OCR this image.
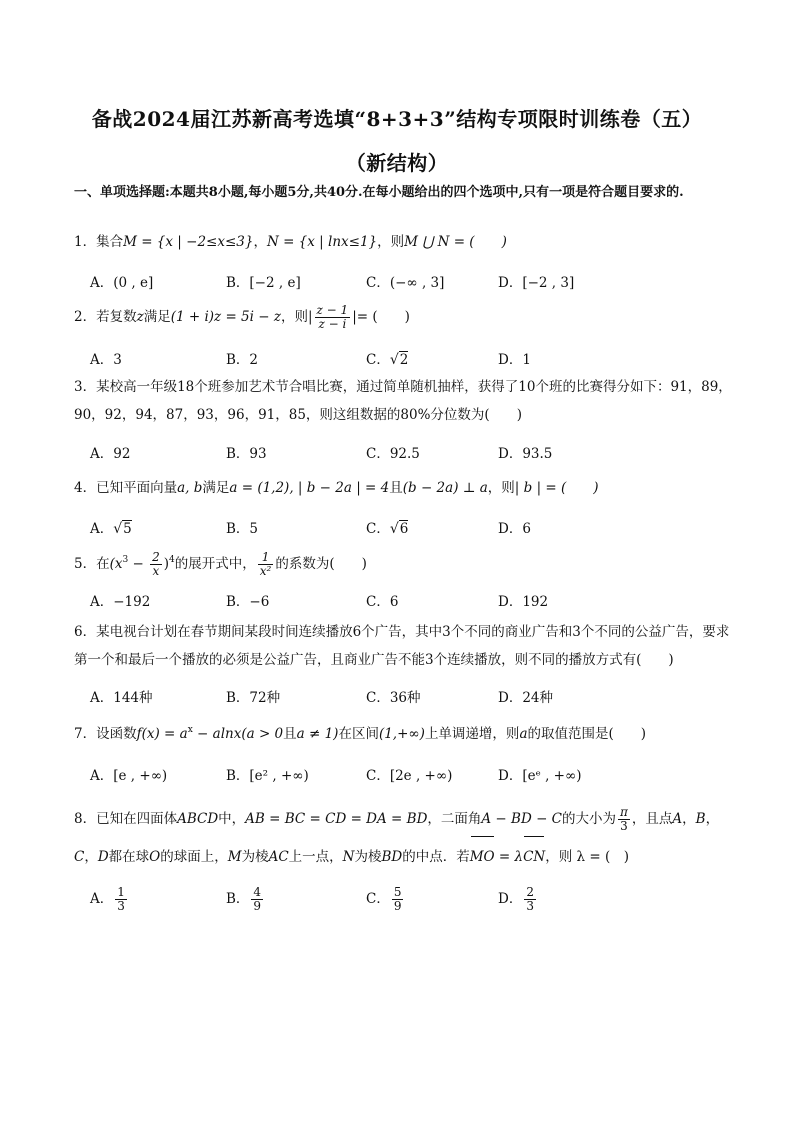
备战2024届江苏新高考选填“8+3+3”结构专项限时训练卷（五）
（新结构）
一、单项选择题:本题共8小题,每小题5分,共40分.在每小题给出的四个选项中,只有一项是符合题目要求的.
1．集合M = {x | −2≤x≤3}，N = {x | lnx≤1}，则M ⋃ N = (　　)
A．(0 , e]	B．[−2 , e]	C．(−∞ , 3]	D．[−2 , 3]
2．若复数z满足(1 + i)z = 5i − z，则| $\frac{z - 1}{z - i}$ |= (　　)
A．3	B．2	C．√2	D．1
3．某校高一年级18个班参加艺术节合唱比赛，通过简单随机抽样，获得了10个班的比赛得分如下：91，89，90，92，94，87，93，96，91，85，则这组数据的80%分位数为(　　)
A．92	B．93	C．92.5	D．93.5
4．已知平面向量a, b满足a = (1,2), | b − 2a | = 4且(b − 2a) ⊥ a，则| b | = (　　)
A．√5	B．5	C．√6	D．6
5．在$(x^3 - \frac{2}{x} )^4$的展开式中， $\frac{1}{\text{x²}}$ 的系数为(　　)
A．−192	B．−6	C．6	D．192
6．某电视台计划在春节期间某段时间连续播放6个广告，其中3个不同的商业广告和3个不同的公益广告，要求第一个和最后一个播放的必须是公益广告，且商业广告不能3个连续播放，则不同的播放方式有(　　)
A．144种	B．72种	C．36种	D．24种
7．设函数$f(x) = a^x - alnx(a > 0$且a ≠ 1)在区间(1,+∞)上单调递增，则a的取值范围是(　　)
A．[e , +∞)	B．[e² , +∞)	C．[2e , +∞)	D．[eᵉ , +∞)
8．已知在四面体ABCD中，AB = BC = CD = DA = BD，二面角A − BD − C的大小为 $\frac{\pi}{3}$ ，且点A，B，C，D都在球O的球面上，M为棱AC上一点，N为棱BD的中点．若MO = λCN，则 λ = (　)
A． $\frac{1}{3}$	B． $\frac{4}{9}$	C． $\frac{5}{9}$	D． $\frac{2}{3}$
